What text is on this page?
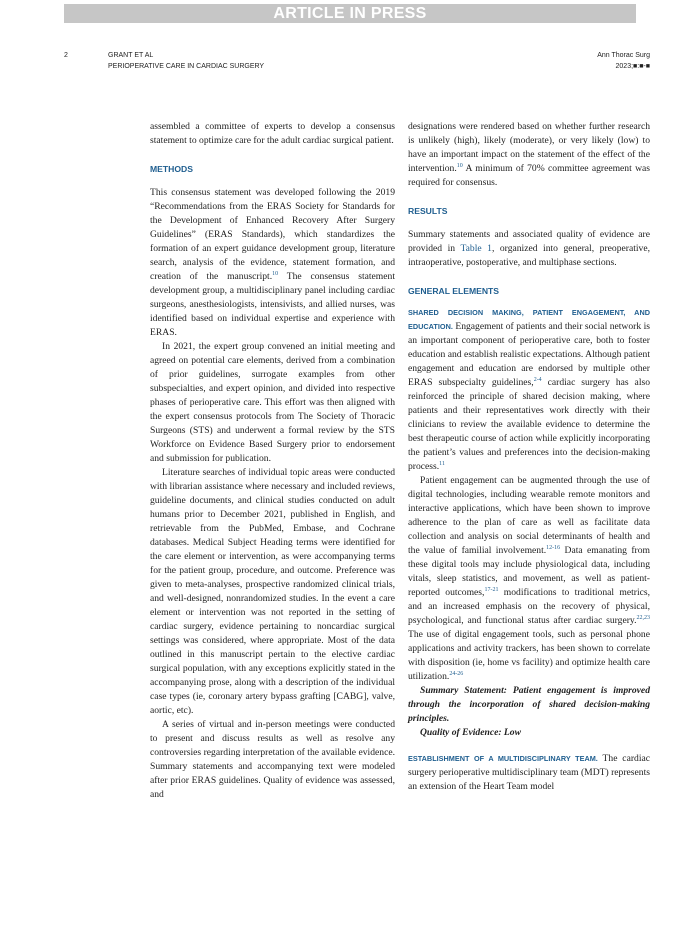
ARTICLE IN PRESS
2	GRANT ET AL
PERIOPERATIVE CARE IN CARDIAC SURGERY
Ann Thorac Surg
2023;■:■-■

assembled a committee of experts to develop a consensus statement to optimize care for the adult cardiac surgical patient.

METHODS

This consensus statement was developed following the 2019 “Recommendations from the ERAS Society for Standards for the Development of Enhanced Recovery After Surgery Guidelines” (ERAS Standards), which standardizes the formation of an expert guidance development group, literature search, analysis of the evidence, statement formation, and creation of the manuscript.$^{10}$ The consensus statement development group, a multidisciplinary panel including cardiac surgeons, anesthesiologists, intensivists, and allied nurses, was identified based on individual expertise and experience with ERAS.

In 2021, the expert group convened an initial meeting and agreed on potential care elements, derived from a combination of prior guidelines, surrogate examples from other subspecialties, and expert opinion, and divided into respective phases of perioperative care. This effort was then aligned with the expert consensus protocols from The Society of Thoracic Surgeons (STS) and underwent a formal review by the STS Workforce on Evidence Based Surgery prior to endorsement and submission for publication.

Literature searches of individual topic areas were conducted with librarian assistance where necessary and included reviews, guideline documents, and clinical studies conducted on adult humans prior to December 2021, published in English, and retrievable from the PubMed, Embase, and Cochrane databases. Medical Subject Heading terms were identified for the care element or intervention, as were accompanying terms for the patient group, procedure, and outcome. Preference was given to meta-analyses, prospective randomized clinical trials, and well-designed, nonrandomized studies. In the event a care element or intervention was not reported in the setting of cardiac surgery, evidence pertaining to noncardiac surgical settings was considered, where appropriate. Most of the data outlined in this manuscript pertain to the elective cardiac surgical population, with any exceptions explicitly stated in the accompanying prose, along with a description of the individual case types (ie, coronary artery bypass grafting [CABG], valve, aortic, etc).

A series of virtual and in-person meetings were conducted to present and discuss results as well as resolve any controversies regarding interpretation of the available evidence. Summary statements and accompanying text were modeled after prior ERAS guidelines. Quality of evidence was assessed, and

designations were rendered based on whether further research is unlikely (high), likely (moderate), or very likely (low) to have an important impact on the statement of the effect of the intervention.$^{10}$ A minimum of 70% committee agreement was required for consensus.

RESULTS

Summary statements and associated quality of evidence are provided in Table 1, organized into general, preoperative, intraoperative, postoperative, and multiphase sections.

GENERAL ELEMENTS

SHARED DECISION MAKING, PATIENT ENGAGEMENT, AND EDUCATION. Engagement of patients and their social network is an important component of perioperative care, both to foster education and establish realistic expectations. Although patient engagement and education are endorsed by multiple other ERAS subspecialty guidelines,$^{2-4}$ cardiac surgery has also reinforced the principle of shared decision making, where patients and their representatives work directly with their clinicians to review the available evidence to determine the best therapeutic course of action while explicitly incorporating the patient’s values and preferences into the decision-making process.$^{11}$

Patient engagement can be augmented through the use of digital technologies, including wearable remote monitors and interactive applications, which have been shown to improve adherence to the plan of care as well as facilitate data collection and analysis on social determinants of health and the value of familial involvement.$^{12-16}$ Data emanating from these digital tools may include physiological data, including vitals, sleep statistics, and movement, as well as patient-reported outcomes,$^{17-21}$ modifications to traditional metrics, and an increased emphasis on the recovery of physical, psychological, and functional status after cardiac surgery.$^{22,23}$ The use of digital engagement tools, such as personal phone applications and activity trackers, has been shown to correlate with disposition (ie, home vs facility) and optimize health care utilization.$^{24-26}$

Summary Statement: Patient engagement is improved through the incorporation of shared decision-making principles.

Quality of Evidence: Low

ESTABLISHMENT OF A MULTIDISCIPLINARY TEAM. The cardiac surgery perioperative multidisciplinary team (MDT) represents an extension of the Heart Team model
